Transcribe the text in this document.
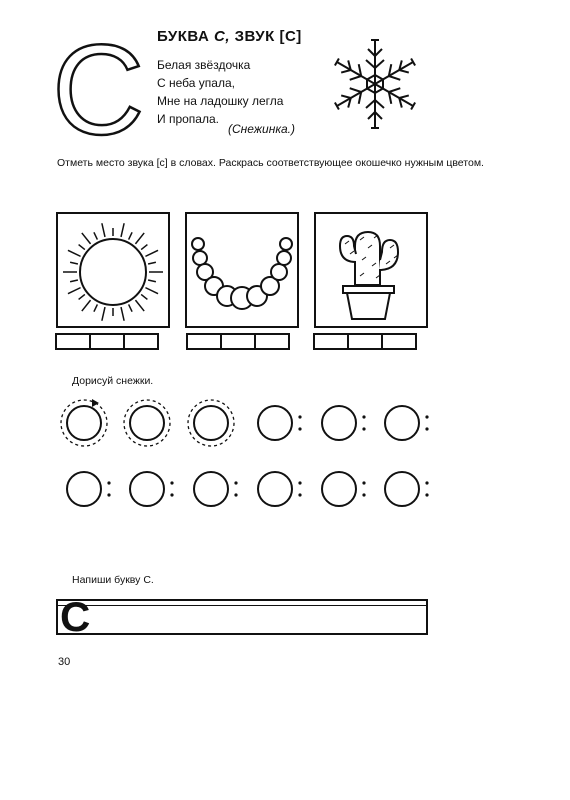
С БУКВА С, ЗВУК [С]
Белая звёздочка
С неба упала,
Мне на ладошку легла
И пропала.
(Снежинка.)
Отметь место звука [с] в словах. Раскрась соответствующее окошечко нужным цветом.
Дорисуй снежки.
Напиши букву С.
С
30
